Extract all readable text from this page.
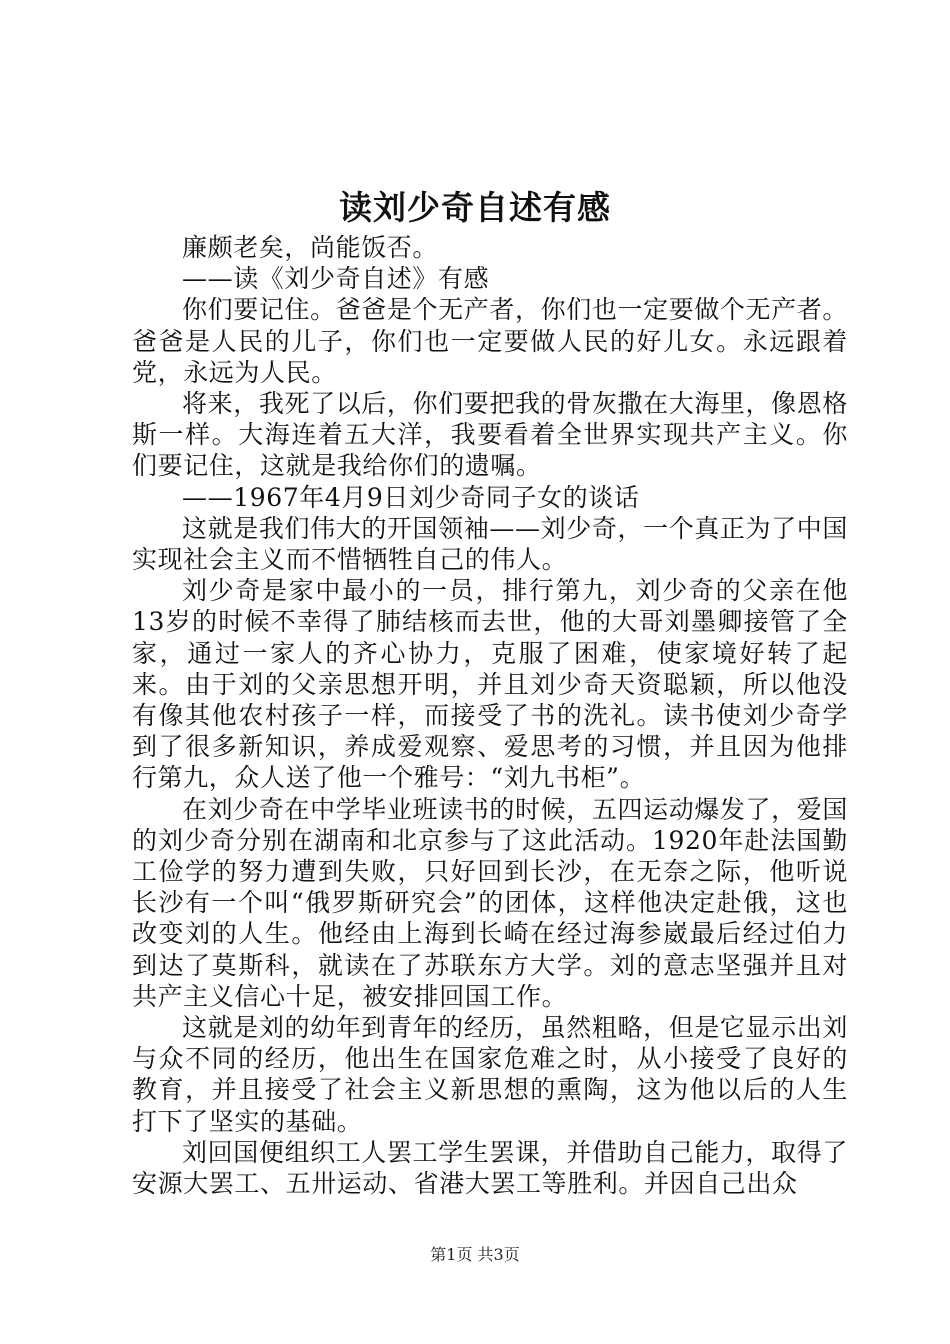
读刘少奇自述有感

廉颇老矣，尚能饭否。

——读《刘少奇自述》有感

你们要记住。爸爸是个无产者，你们也一定要做个无产者。爸爸是人民的儿子，你们也一定要做人民的好儿女。永远跟着党，永远为人民。

将来，我死了以后，你们要把我的骨灰撒在大海里，像恩格斯一样。大海连着五大洋，我要看着全世界实现共产主义。你们要记住，这就是我给你们的遗嘱。

——1967年4月9日刘少奇同子女的谈话

这就是我们伟大的开国领袖——刘少奇，一个真正为了中国实现社会主义而不惜牺牲自己的伟人。

刘少奇是家中最小的一员，排行第九，刘少奇的父亲在他13岁的时候不幸得了肺结核而去世，他的大哥刘墨卿接管了全家，通过一家人的齐心协力，克服了困难，使家境好转了起来。由于刘的父亲思想开明，并且刘少奇天资聪颖，所以他没有像其他农村孩子一样，而接受了书的洗礼。读书使刘少奇学到了很多新知识，养成爱观察、爱思考的习惯，并且因为他排行第九，众人送了他一个雅号：“刘九书柜”。

在刘少奇在中学毕业班读书的时候，五四运动爆发了，爱国的刘少奇分别在湖南和北京参与了这此活动。1920年赴法国勤工俭学的努力遭到失败，只好回到长沙，在无奈之际，他听说长沙有一个叫“俄罗斯研究会”的团体，这样他决定赴俄，这也改变刘的人生。他经由上海到长崎在经过海参崴最后经过伯力到达了莫斯科，就读在了苏联东方大学。刘的意志坚强并且对共产主义信心十足，被安排回国工作。

这就是刘的幼年到青年的经历，虽然粗略，但是它显示出刘与众不同的经历，他出生在国家危难之时，从小接受了良好的教育，并且接受了社会主义新思想的熏陶，这为他以后的人生打下了坚实的基础。

刘回国便组织工人罢工学生罢课，并借助自己能力，取得了安源大罢工、五卅运动、省港大罢工等胜利。并因自己出众

第1页 共3页
